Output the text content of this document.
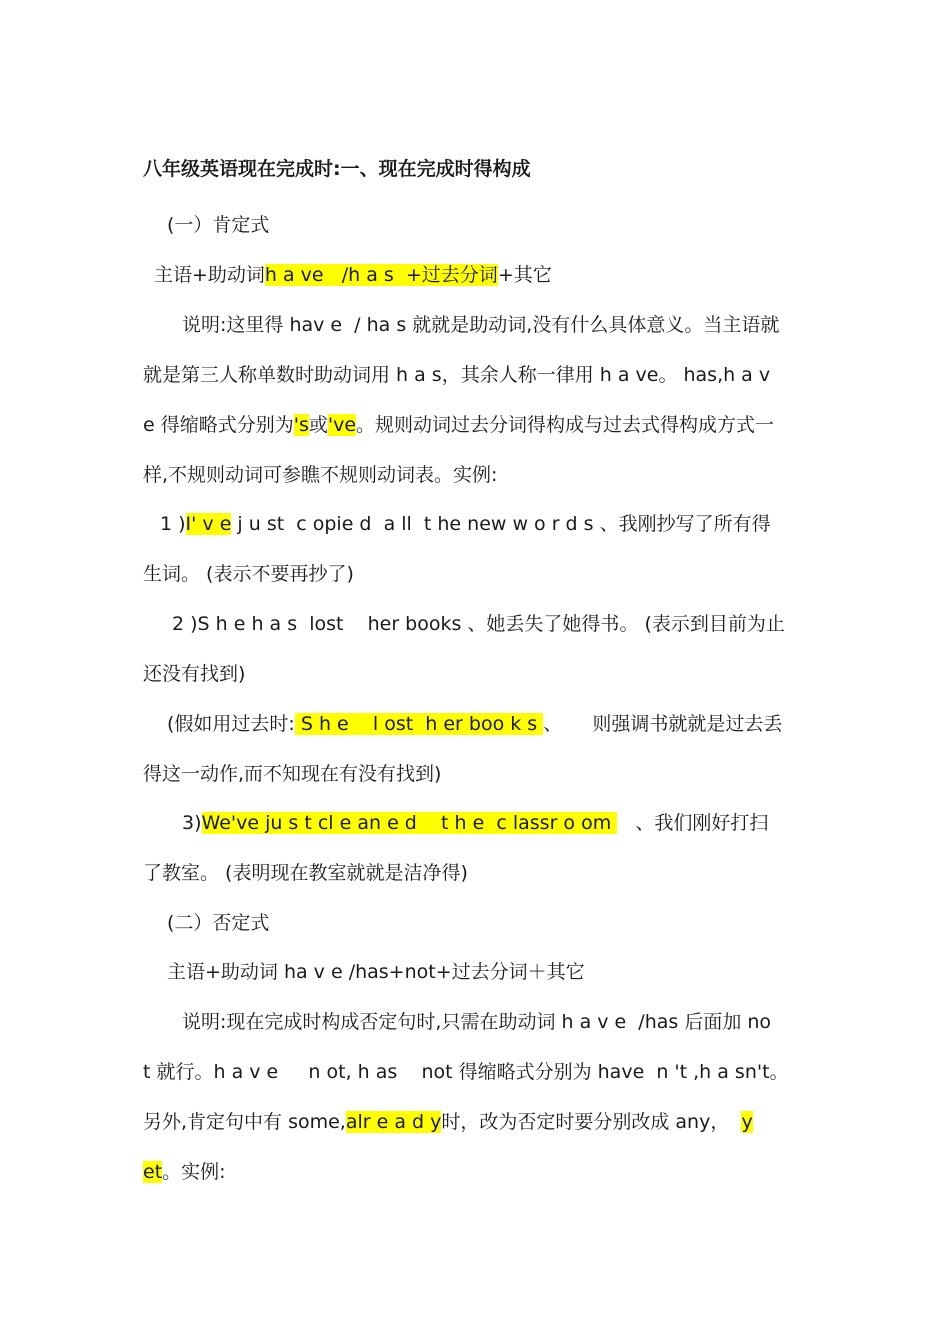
八年级英语现在完成时:一、现在完成时得构成
(一）肯定式
主语+助动词h a ve   /h a s  +过去分词+其它
说明:这里得 hav e  / ha s 就就是助动词,没有什么具体意义。当主语就
就是第三人称单数时助动词用 h a s，其余人称一律用 h a ve。 has,h a v
e 得缩略式分别为's或've。规则动词过去分词得构成与过去式得构成方式一
样,不规则动词可参瞧不规则动词表。实例:
1 )I' v e j u st  c opie d  a ll  t he new w o r d s 、我刚抄写了所有得
生词。 (表示不要再抄了)
2 )S h e h a s  lost    her books 、她丢失了她得书。 (表示到目前为止
还没有找到)
(假如用过去时: S h e    l ost  h er boo k s 、     则强调书就就是过去丢
得这一动作,而不知现在有没有找到)
3)We've ju s t cl e an e d    t h e  c lassr o om    、我们刚好打扫
了教室。 (表明现在教室就就是洁净得)
(二）否定式
主语+助动词 ha v e /has+not+过去分词＋其它
说明:现在完成时构成否定句时,只需在助动词 h a v e  /has 后面加 no
t 就行。h a v e     n ot, h as    not 得缩略式分别为 have  n 't ,h a sn't。
另外,肯定句中有 some,alr e a d y时，改为否定时要分别改成 any，  y
et。实例:
